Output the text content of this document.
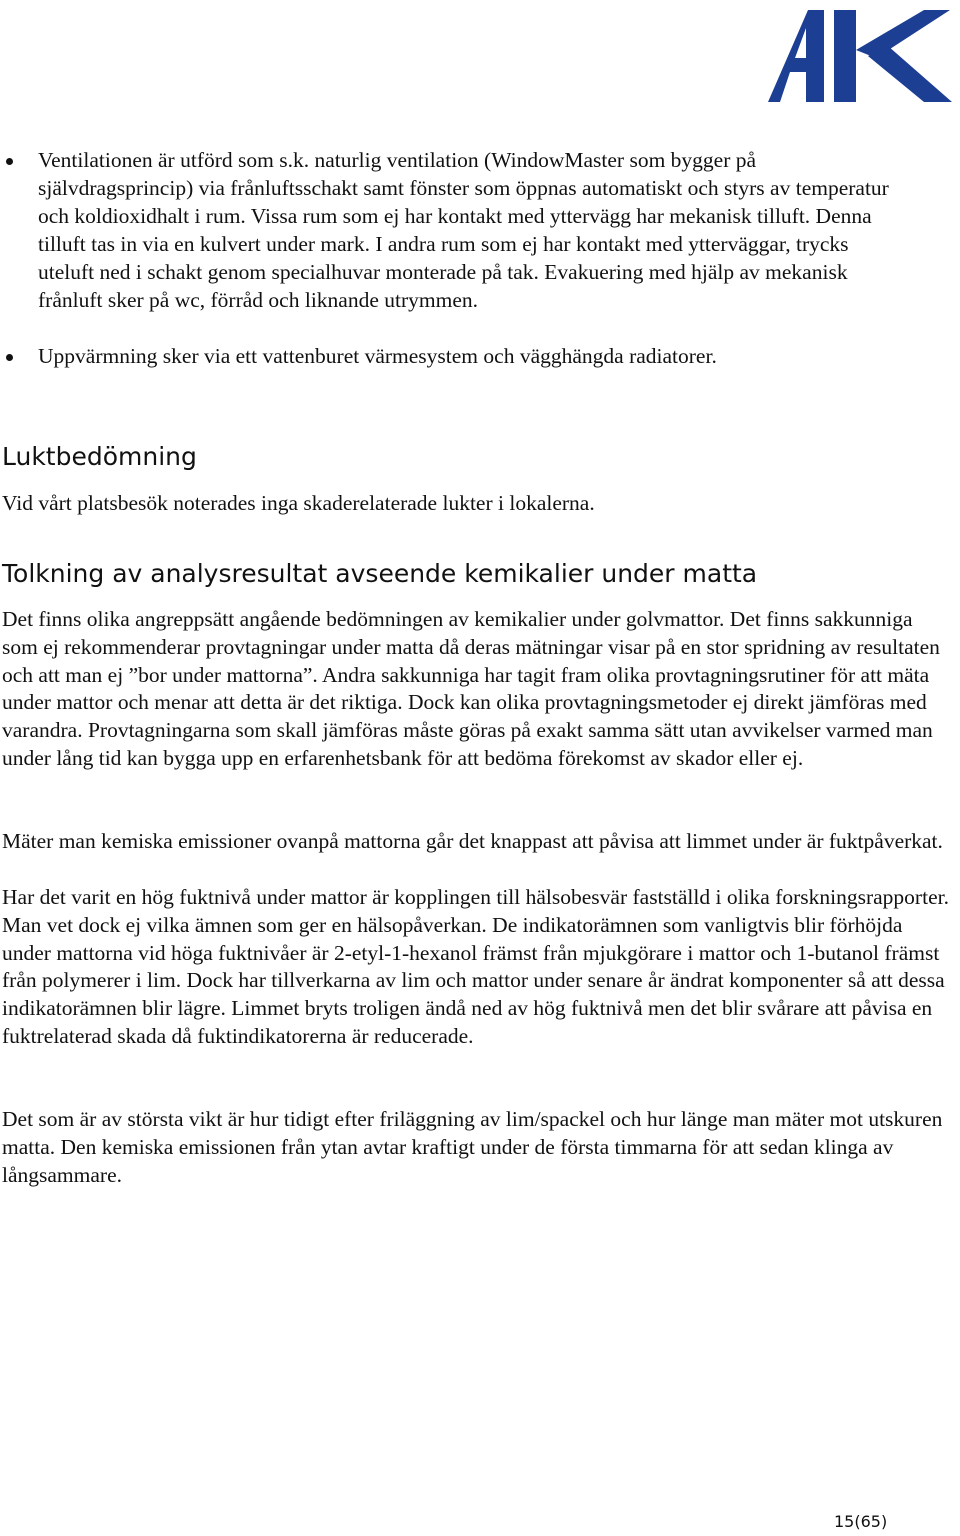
Ventilationen är utförd som s.k. naturlig ventilation (WindowMaster som bygger på självdragsprincip) via frånluftsschakt samt fönster som öppnas automatiskt och styrs av temperatur och koldioxidhalt i rum. Vissa rum som ej har kontakt med yttervägg har mekanisk tilluft. Denna tilluft tas in via en kulvert under mark. I andra rum som ej har kontakt med ytterväggar, trycks uteluft ned i schakt genom specialhuvar monterade på tak. Evakuering med hjälp av mekanisk frånluft sker på wc, förråd och liknande utrymmen.
Uppvärmning sker via ett vattenburet värmesystem och vägghängda radiatorer.
Luktbedömning

Vid vårt platsbesök noterades inga skaderelaterade lukter i lokalerna.

Tolkning av analysresultat avseende kemikalier under matta

Det finns olika angreppsätt angående bedömningen av kemikalier under golvmattor. Det finns sakkunniga som ej rekommenderar provtagningar under matta då deras mätningar visar på en stor spridning av resultaten och att man ej ”bor under mattorna”. Andra sakkunniga har tagit fram olika provtagningsrutiner för att mäta under mattor och menar att detta är det riktiga. Dock kan olika provtagningsmetoder ej direkt jämföras med varandra. Provtagningarna som skall jämföras måste göras på exakt samma sätt utan avvikelser varmed man under lång tid kan bygga upp en erfarenhetsbank för att bedöma förekomst av skador eller ej.

Mäter man kemiska emissioner ovanpå mattorna går det knappast att påvisa att limmet under är fuktpåverkat.

Har det varit en hög fuktnivå under mattor är kopplingen till hälsobesvär fastställd i olika forskningsrapporter. Man vet dock ej vilka ämnen som ger en hälsopåverkan. De indikatorämnen som vanligtvis blir förhöjda under mattorna vid höga fuktnivåer är 2-etyl-1-hexanol främst från mjukgörare i mattor och 1-butanol främst från polymerer i lim. Dock har tillverkarna av lim och mattor under senare år ändrat komponenter så att dessa indikatorämnen blir lägre. Limmet bryts troligen ändå ned av hög fuktnivå men det blir svårare att påvisa en fuktrelaterad skada då fuktindikatorerna är reducerade.

Det som är av största vikt är hur tidigt efter friläggning av lim/spackel och hur länge man mäter mot utskuren matta. Den kemiska emissionen från ytan avtar kraftigt under de första timmarna för att sedan klinga av långsammare.

15(65)
